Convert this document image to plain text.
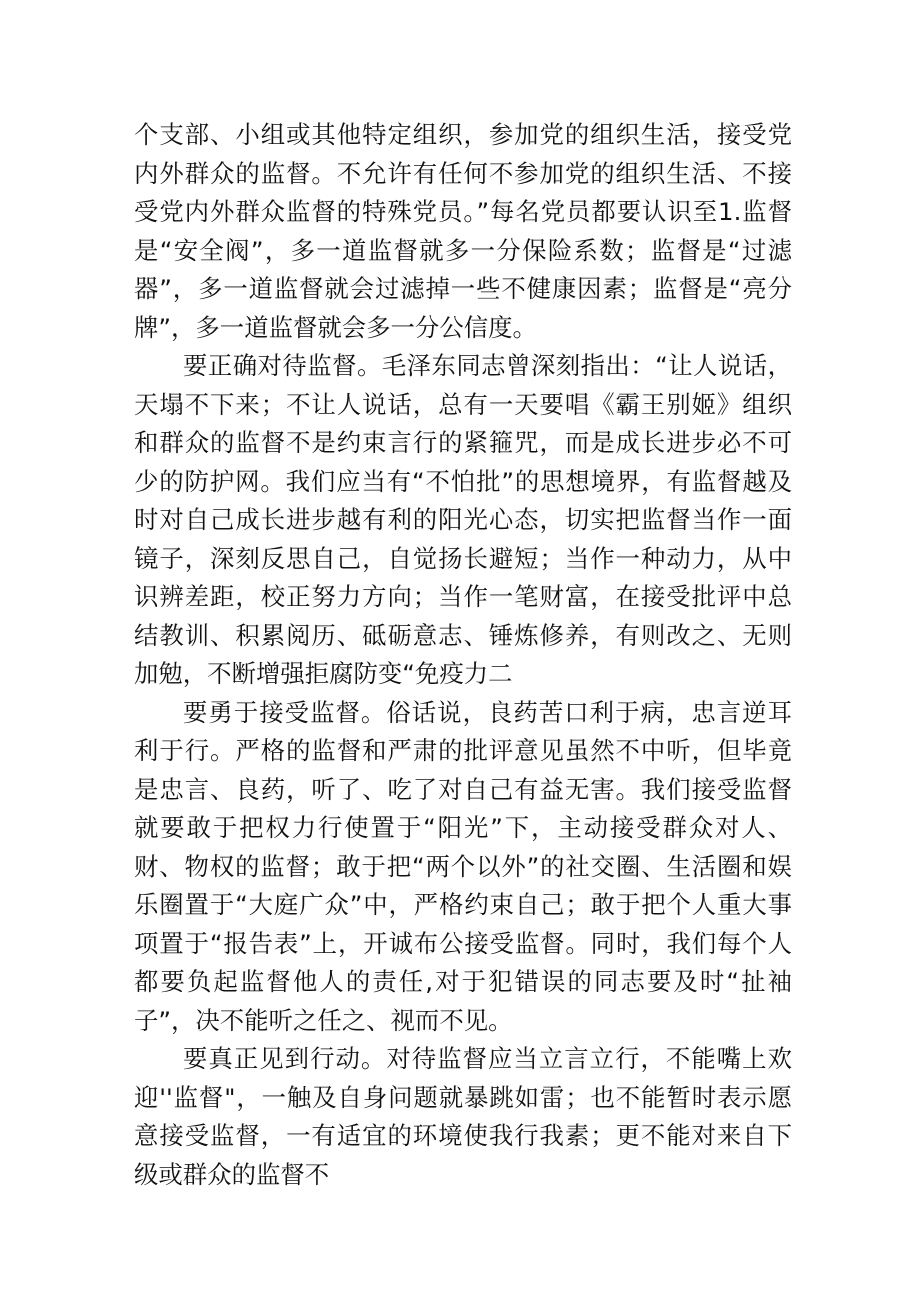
个支部、小组或其他特定组织，参加党的组织生活，接受党内外群众的监督。不允许有任何不参加党的组织生活、不接受党内外群众监督的特殊党员。”每名党员都要认识至1.监督是“安全阀”，多一道监督就多一分保险系数；监督是“过滤器”，多一道监督就会过滤掉一些不健康因素；监督是“亮分牌”，多一道监督就会多一分公信度。

要正确对待监督。毛泽东同志曾深刻指出：“让人说话，天塌不下来；不让人说话，总有一天要唱《霸王别姬》组织和群众的监督不是约束言行的紧箍咒，而是成长进步必不可少的防护网。我们应当有“不怕批”的思想境界，有监督越及时对自己成长进步越有利的阳光心态，切实把监督当作一面镜子，深刻反思自己，自觉扬长避短；当作一种动力，从中识辨差距，校正努力方向；当作一笔财富，在接受批评中总结教训、积累阅历、砥砺意志、锤炼修养，有则改之、无则加勉，不断增强拒腐防变“免疫力二

要勇于接受监督。俗话说，良药苦口利于病，忠言逆耳利于行。严格的监督和严肃的批评意见虽然不中听，但毕竟是忠言、良药，听了、吃了对自己有益无害。我们接受监督就要敢于把权力行使置于“阳光”下，主动接受群众对人、财、物权的监督；敢于把“两个以外”的社交圈、生活圈和娱乐圈置于“大庭广众”中，严格约束自己；敢于把个人重大事项置于“报告表”上，开诚布公接受监督。同时，我们每个人都要负起监督他人的责任,对于犯错误的同志要及时“扯袖子”，决不能听之任之、视而不见。

要真正见到行动。对待监督应当立言立行，不能嘴上欢迎''监督"，一触及自身问题就暴跳如雷；也不能暂时表示愿意接受监督，一有适宜的环境使我行我素；更不能对来自下级或群众的监督不
